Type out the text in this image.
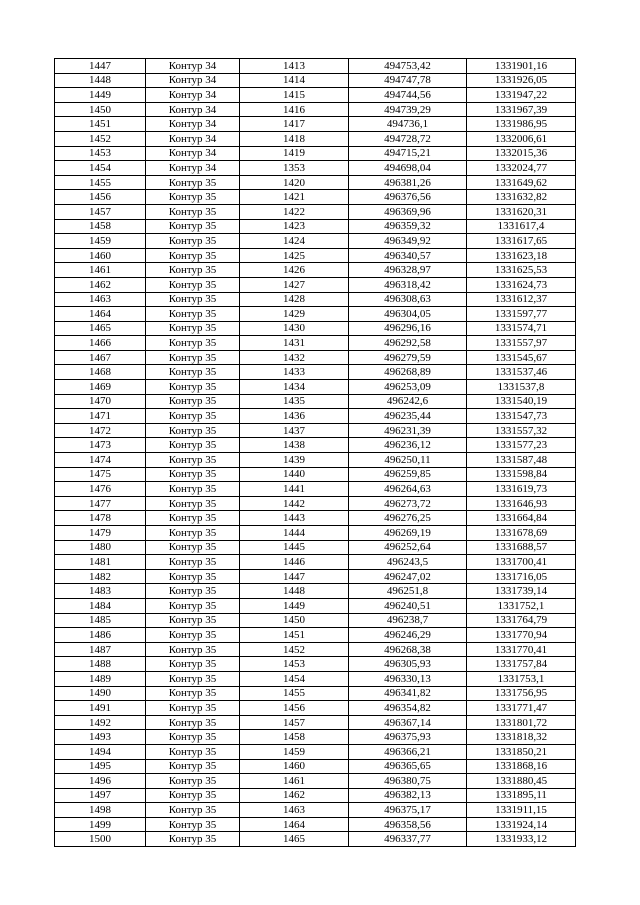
1447	Контур 34	1413	494753,42	1331901,16
1448	Контур 34	1414	494747,78	1331926,05
1449	Контур 34	1415	494744,56	1331947,22
1450	Контур 34	1416	494739,29	1331967,39
1451	Контур 34	1417	494736,1	1331986,95
1452	Контур 34	1418	494728,72	1332006,61
1453	Контур 34	1419	494715,21	1332015,36
1454	Контур 34	1353	494698,04	1332024,77
1455	Контур 35	1420	496381,26	1331649,62
1456	Контур 35	1421	496376,56	1331632,82
1457	Контур 35	1422	496369,96	1331620,31
1458	Контур 35	1423	496359,32	1331617,4
1459	Контур 35	1424	496349,92	1331617,65
1460	Контур 35	1425	496340,57	1331623,18
1461	Контур 35	1426	496328,97	1331625,53
1462	Контур 35	1427	496318,42	1331624,73
1463	Контур 35	1428	496308,63	1331612,37
1464	Контур 35	1429	496304,05	1331597,77
1465	Контур 35	1430	496296,16	1331574,71
1466	Контур 35	1431	496292,58	1331557,97
1467	Контур 35	1432	496279,59	1331545,67
1468	Контур 35	1433	496268,89	1331537,46
1469	Контур 35	1434	496253,09	1331537,8
1470	Контур 35	1435	496242,6	1331540,19
1471	Контур 35	1436	496235,44	1331547,73
1472	Контур 35	1437	496231,39	1331557,32
1473	Контур 35	1438	496236,12	1331577,23
1474	Контур 35	1439	496250,11	1331587,48
1475	Контур 35	1440	496259,85	1331598,84
1476	Контур 35	1441	496264,63	1331619,73
1477	Контур 35	1442	496273,72	1331646,93
1478	Контур 35	1443	496276,25	1331664,84
1479	Контур 35	1444	496269,19	1331678,69
1480	Контур 35	1445	496252,64	1331688,57
1481	Контур 35	1446	496243,5	1331700,41
1482	Контур 35	1447	496247,02	1331716,05
1483	Контур 35	1448	496251,8	1331739,14
1484	Контур 35	1449	496240,51	1331752,1
1485	Контур 35	1450	496238,7	1331764,79
1486	Контур 35	1451	496246,29	1331770,94
1487	Контур 35	1452	496268,38	1331770,41
1488	Контур 35	1453	496305,93	1331757,84
1489	Контур 35	1454	496330,13	1331753,1
1490	Контур 35	1455	496341,82	1331756,95
1491	Контур 35	1456	496354,82	1331771,47
1492	Контур 35	1457	496367,14	1331801,72
1493	Контур 35	1458	496375,93	1331818,32
1494	Контур 35	1459	496366,21	1331850,21
1495	Контур 35	1460	496365,65	1331868,16
1496	Контур 35	1461	496380,75	1331880,45
1497	Контур 35	1462	496382,13	1331895,11
1498	Контур 35	1463	496375,17	1331911,15
1499	Контур 35	1464	496358,56	1331924,14
1500	Контур 35	1465	496337,77	1331933,12
